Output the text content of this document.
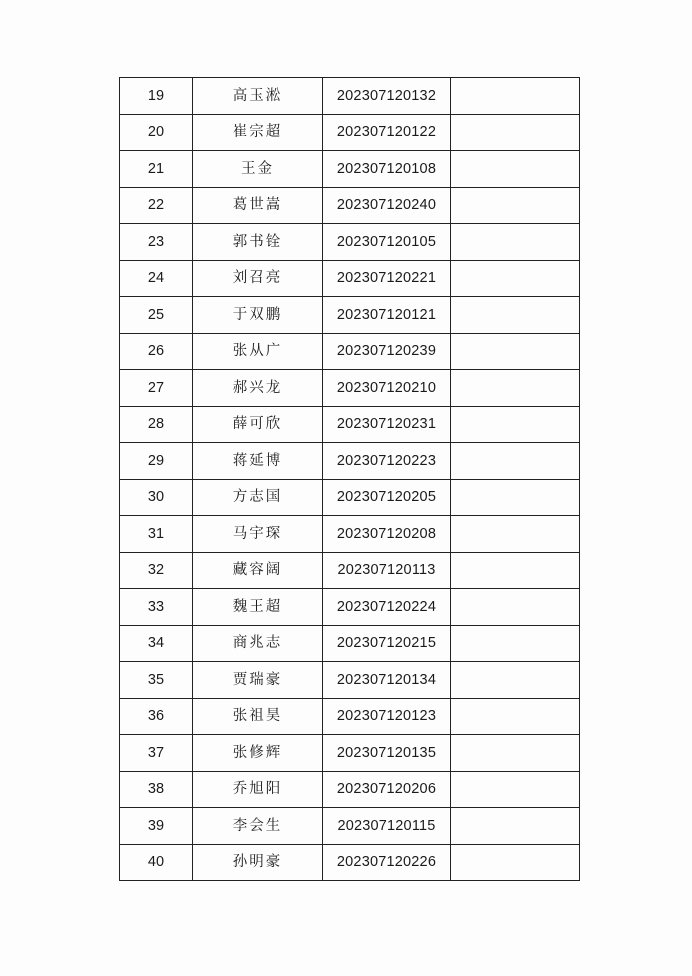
19	高玉淞	202307120132	
20	崔宗超	202307120122	
21	王金	202307120108	
22	葛世嵩	202307120240	
23	郭书铨	202307120105	
24	刘召亮	202307120221	
25	于双鹏	202307120121	
26	张从广	202307120239	
27	郝兴龙	202307120210	
28	薛可欣	202307120231	
29	蒋延博	202307120223	
30	方志国	202307120205	
31	马宇琛	202307120208	
32	藏容阔	202307120113	
33	魏王超	202307120224	
34	商兆志	202307120215	
35	贾瑞豪	202307120134	
36	张祖昊	202307120123	
37	张修辉	202307120135	
38	乔旭阳	202307120206	
39	李会生	202307120115	
40	孙明豪	202307120226	
